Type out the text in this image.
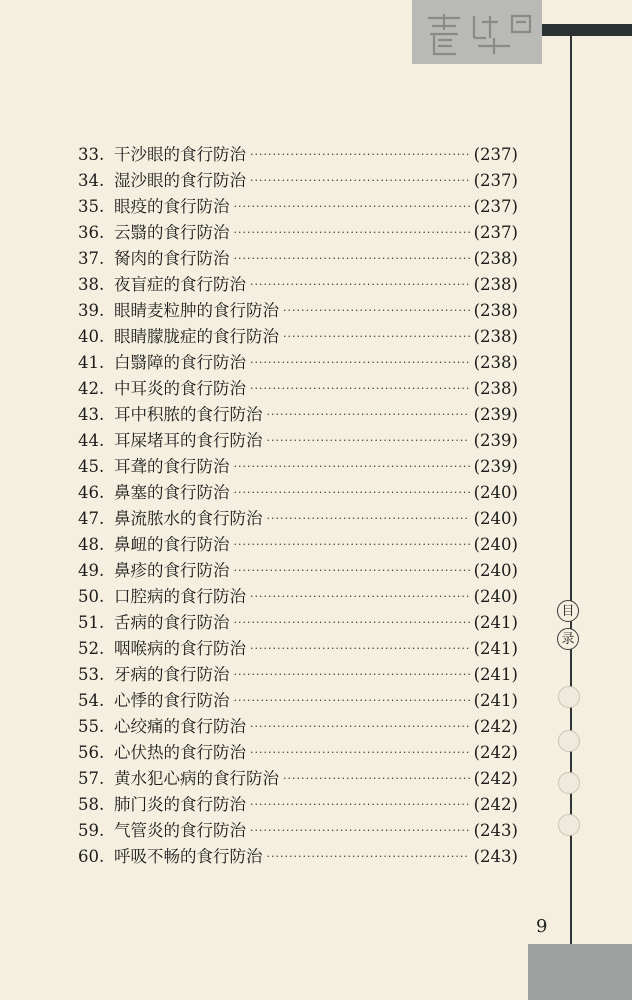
目
录
33. 干沙眼的食行防治 ·····	(237)
34. 湿沙眼的食行防治 ·····	(237)
35. 眼疫的食行防治 ·····	(237)
36. 云翳的食行防治 ·····	(237)
37. 胬肉的食行防治 ·····	(238)
38. 夜盲症的食行防治 ·····	(238)
39. 眼睛麦粒肿的食行防治 ·····	(238)
40. 眼睛朦胧症的食行防治 ·····	(238)
41. 白翳障的食行防治 ·····	(238)
42. 中耳炎的食行防治 ·····	(238)
43. 耳中积脓的食行防治 ·····	(239)
44. 耳屎堵耳的食行防治 ·····	(239)
45. 耳聋的食行防治 ·····	(239)
46. 鼻塞的食行防治 ·····	(240)
47. 鼻流脓水的食行防治 ·····	(240)
48. 鼻衄的食行防治 ·····	(240)
49. 鼻疹的食行防治 ·····	(240)
50. 口腔病的食行防治 ·····	(240)
51. 舌病的食行防治 ·····	(241)
52. 咽喉病的食行防治 ·····	(241)
53. 牙病的食行防治 ·····	(241)
54. 心悸的食行防治 ·····	(241)
55. 心绞痛的食行防治 ·····	(242)
56. 心伏热的食行防治 ·····	(242)
57. 黄水犯心病的食行防治 ·····	(242)
58. 肺门炎的食行防治 ·····	(242)
59. 气管炎的食行防治 ·····	(243)
60. 呼吸不畅的食行防治 ·····	(243)
9
